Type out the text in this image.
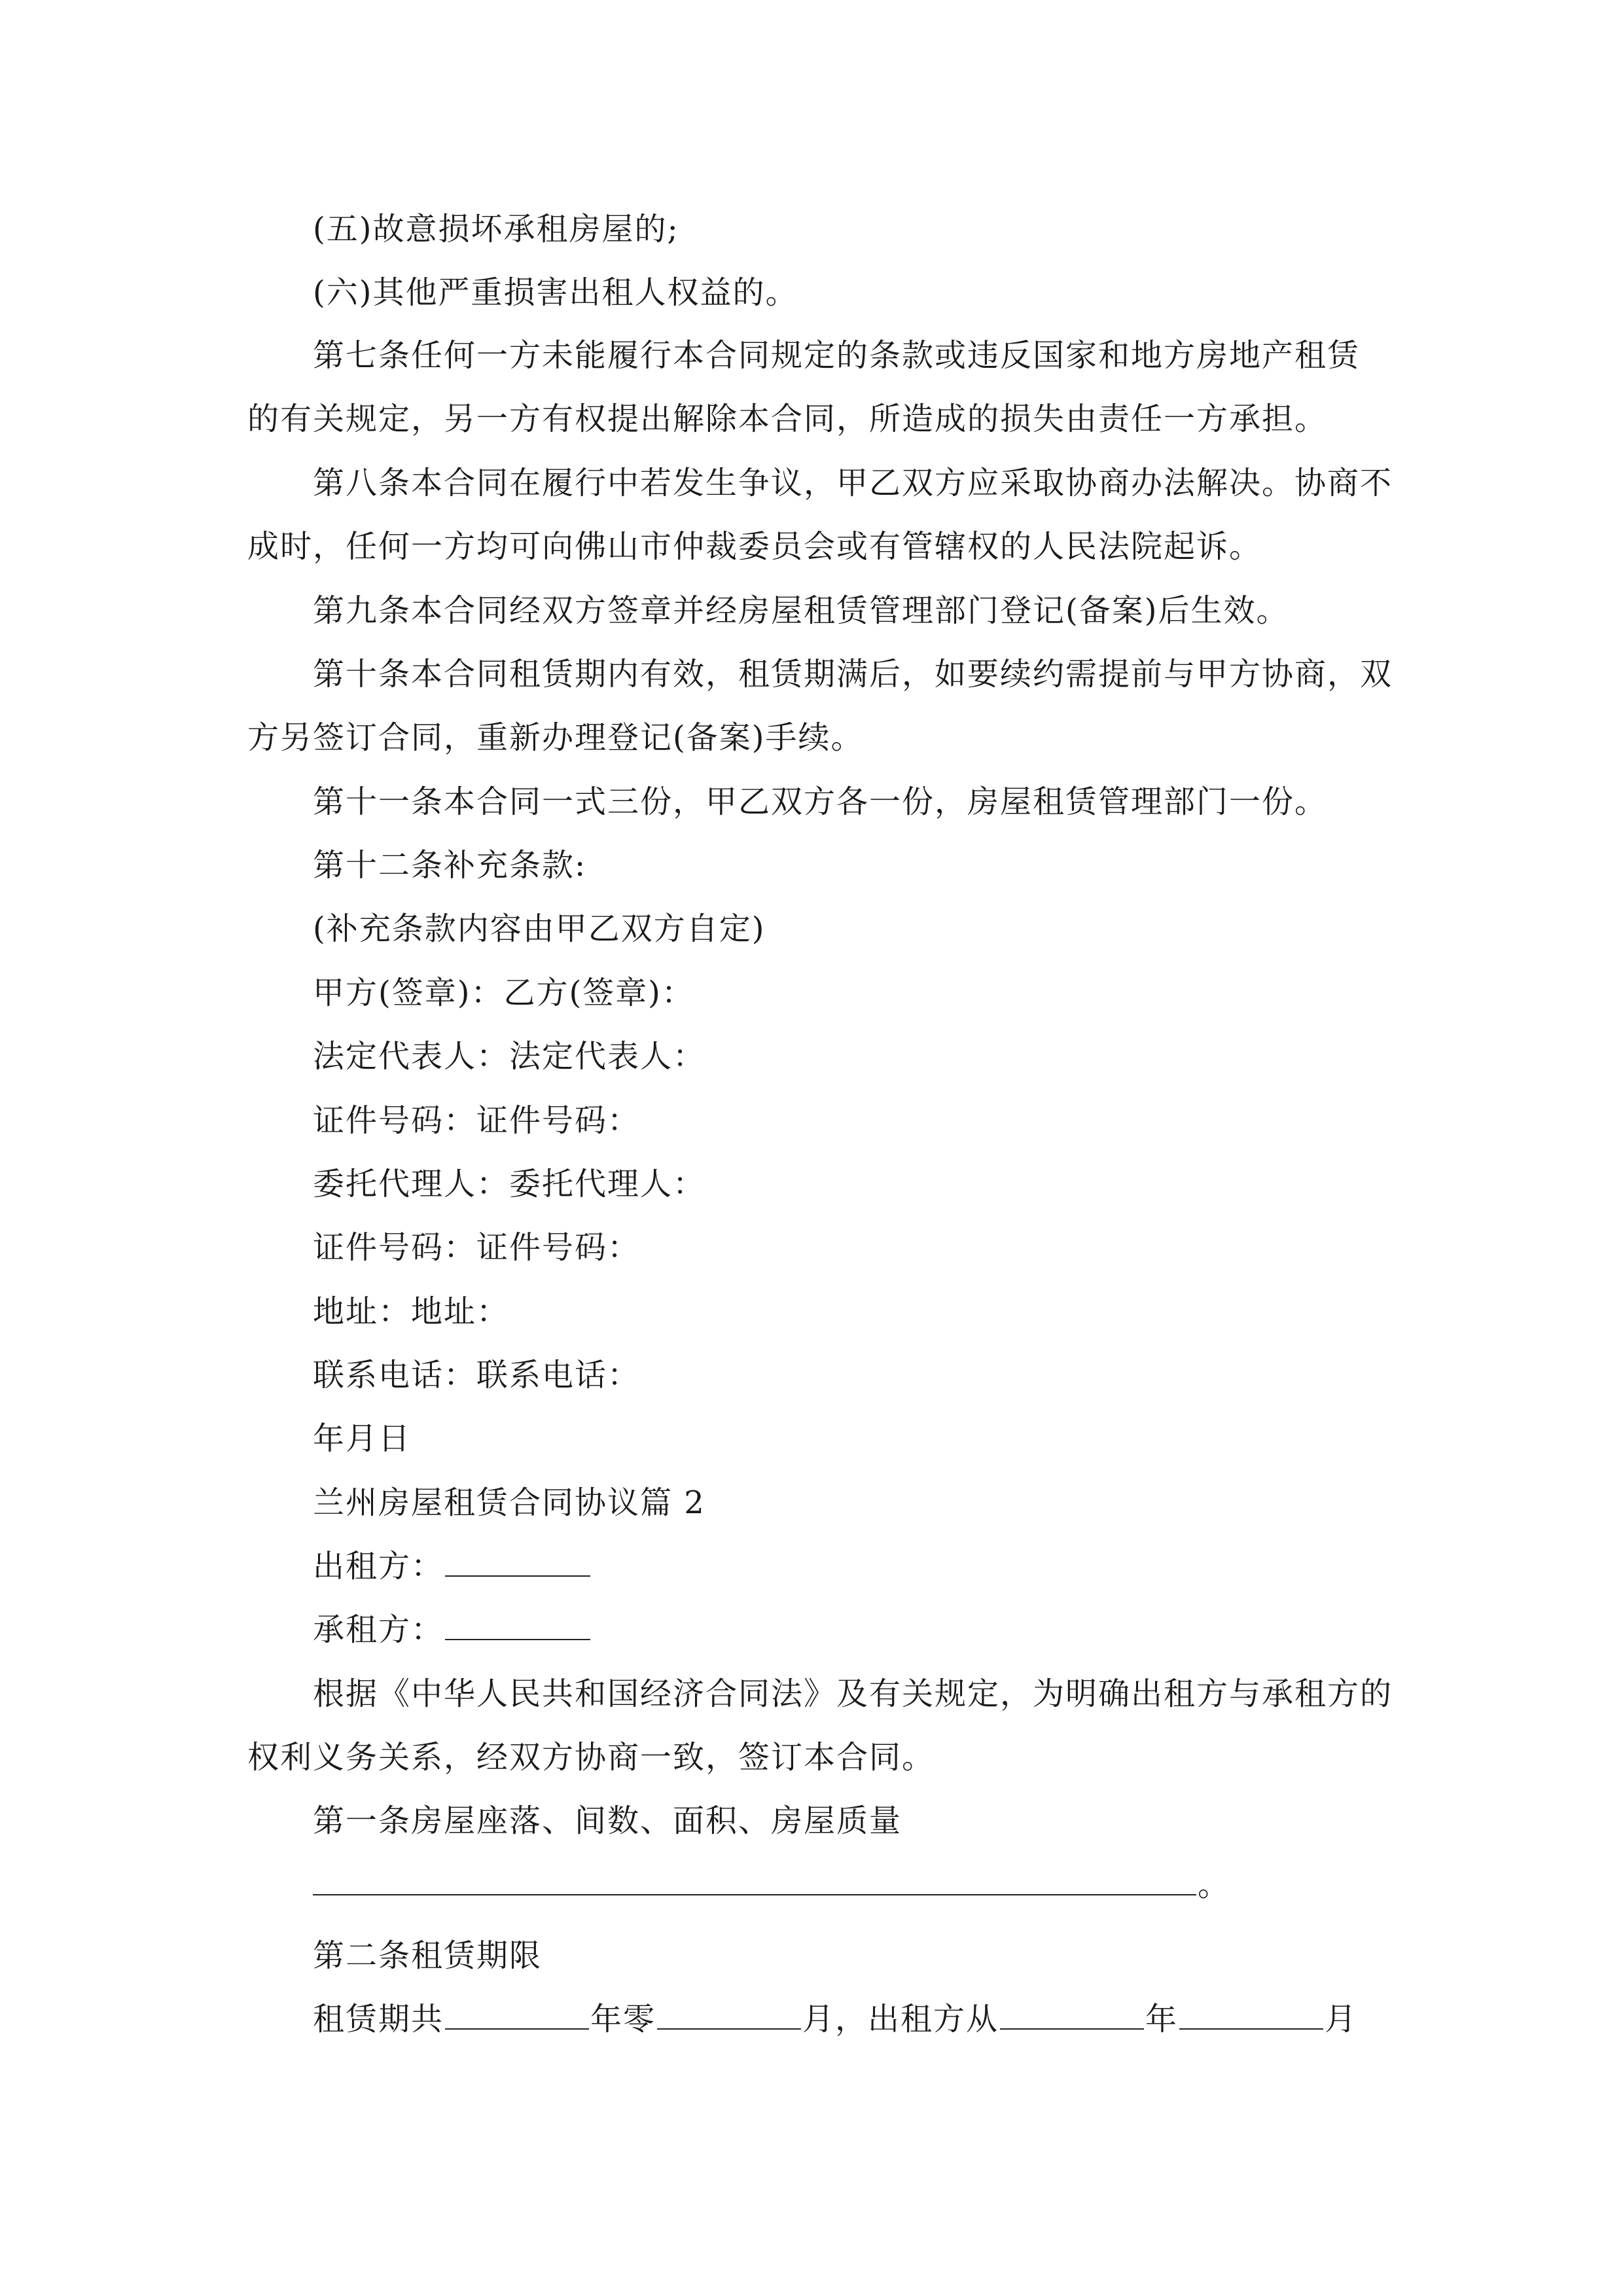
(五)故意损坏承租房屋的;
(六)其他严重损害出租人权益的。
第七条任何一方未能履行本合同规定的条款或违反国家和地方房地产租赁
的有关规定，另一方有权提出解除本合同，所造成的损失由责任一方承担。
第八条本合同在履行中若发生争议，甲乙双方应采取协商办法解决。协商不
成时，任何一方均可向佛山市仲裁委员会或有管辖权的人民法院起诉。
第九条本合同经双方签章并经房屋租赁管理部门登记(备案)后生效。
第十条本合同租赁期内有效，租赁期满后，如要续约需提前与甲方协商，双
方另签订合同，重新办理登记(备案)手续。
第十一条本合同一式三份，甲乙双方各一份，房屋租赁管理部门一份。
第十二条补充条款:
(补充条款内容由甲乙双方自定)
甲方(签章)：乙方(签章)：
法定代表人：法定代表人：
证件号码：证件号码：
委托代理人：委托代理人：
证件号码：证件号码：
地址：地址：
联系电话：联系电话：
年月日
兰州房屋租赁合同协议篇 2
出租方：
承租方：
根据《中华人民共和国经济合同法》及有关规定，为明确出租方与承租方的
权利义务关系，经双方协商一致，签订本合同。
第一条房屋座落、间数、面积、房屋质量
。
第二条租赁期限
租赁期共	年零	月，出租方从	年	月
